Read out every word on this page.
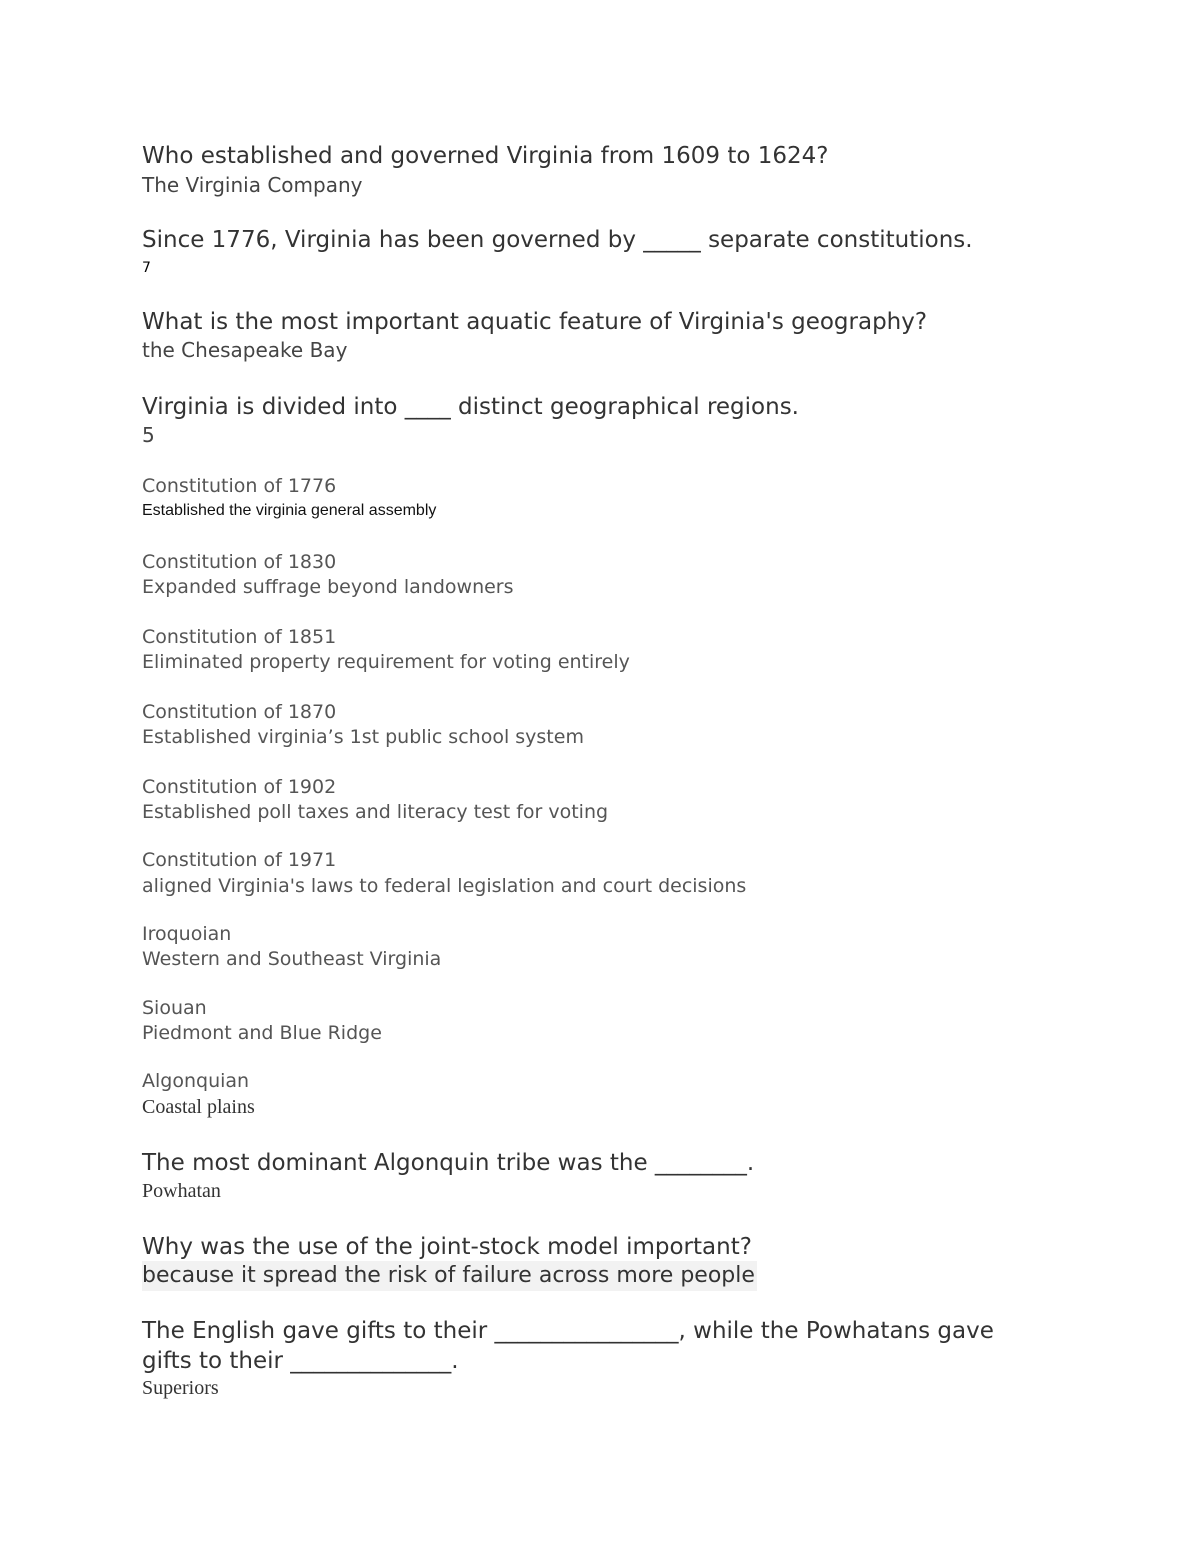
Who established and governed Virginia from 1609 to 1624?
The Virginia Company
Since 1776, Virginia has been governed by _____ separate constitutions.
7
What is the most important aquatic feature of Virginia's geography?
the Chesapeake Bay
Virginia is divided into ____ distinct geographical regions.
5
Constitution of 1776
Established the virginia general assembly
Constitution of 1830
Expanded suffrage beyond landowners
Constitution of 1851
Eliminated property requirement for voting entirely
Constitution of 1870
Established virginia’s 1st public school system
Constitution of 1902
Established poll taxes and literacy test for voting
Constitution of 1971
aligned Virginia's laws to federal legislation and court decisions
Iroquoian
Western and Southeast Virginia
Siouan
Piedmont and Blue Ridge
Algonquian
Coastal plains
The most dominant Algonquin tribe was the ________.
Powhatan
Why was the use of the joint-stock model important?
because it spread the risk of failure across more people
The English gave gifts to their ________________, while the Powhatans gave
gifts to their ______________.
Superiors
